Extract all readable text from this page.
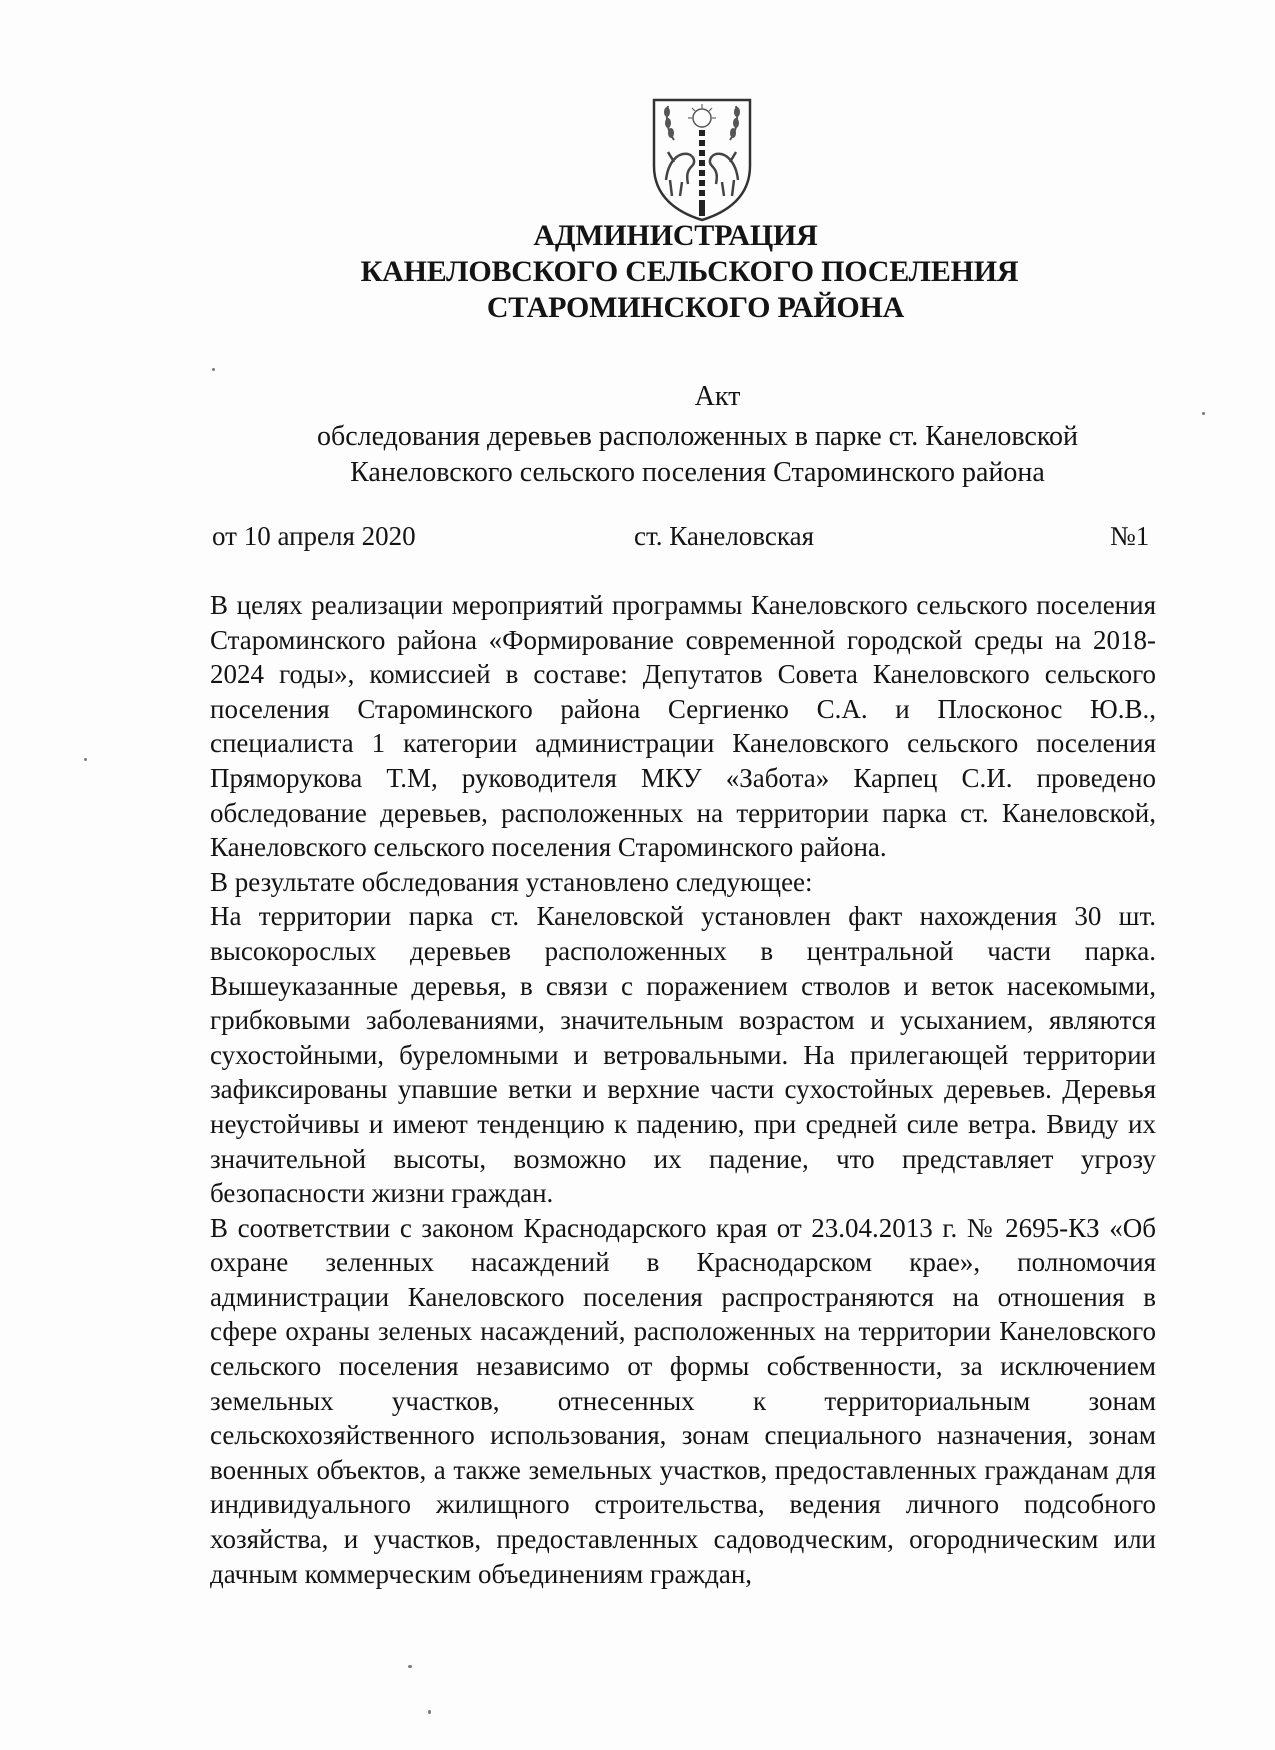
АДМИНИСТРАЦИЯ
КАНЕЛОВСКОГО СЕЛЬСКОГО ПОСЕЛЕНИЯ
СТАРОМИНСКОГО РАЙОНА
Акт
обследования деревьев расположенных в парке ст. Канеловской
Канеловского сельского поселения Староминского района
от 10 апреля 2020	ст. Канеловская	№1

В целях реализации мероприятий программы Канеловского сельского поселения Староминского района «Формирование современной городской среды на 2018-2024 годы», комиссией в составе: Депутатов Совета Канеловского сельского поселения Староминского района Сергиенко С.А. и Плосконос Ю.В., специалиста 1 категории администрации Канеловского сельского поселения Пряморукова Т.М, руководителя МКУ «Забота» Карпец С.И. проведено обследование деревьев, расположенных на территории парка ст. Канеловской, Канеловского сельского поселения Староминского района.

В результате обследования установлено следующее:

На территории парка ст. Канеловской установлен факт нахождения 30 шт. высокорослых деревьев расположенных в центральной части парка. Вышеуказанные деревья, в связи с поражением стволов и веток насекомыми, грибковыми заболеваниями, значительным возрастом и усыханием, являются сухостойными, буреломными и ветровальными. На прилегающей территории зафиксированы упавшие ветки и верхние части сухостойных деревьев. Деревья неустойчивы и имеют тенденцию к падению, при средней силе ветра. Ввиду их значительной высоты, возможно их падение, что представляет угрозу безопасности жизни граждан.

В соответствии с законом Краснодарского края от 23.04.2013 г. № 2695-КЗ «Об охране зеленных насаждений в Краснодарском крае», полномочия администрации Канеловского поселения распространяются на отношения в сфере охраны зеленых насаждений, расположенных на территории Канеловского сельского поселения независимо от формы собственности, за исключением земельных участков, отнесенных к территориальным зонам сельскохозяйственного использования, зонам специального назначения, зонам военных объектов, а также земельных участков, предоставленных гражданам для индивидуального жилищного строительства, ведения личного подсобного хозяйства, и участков, предоставленных садоводческим, огородническим или дачным коммерческим объединениям граждан,
